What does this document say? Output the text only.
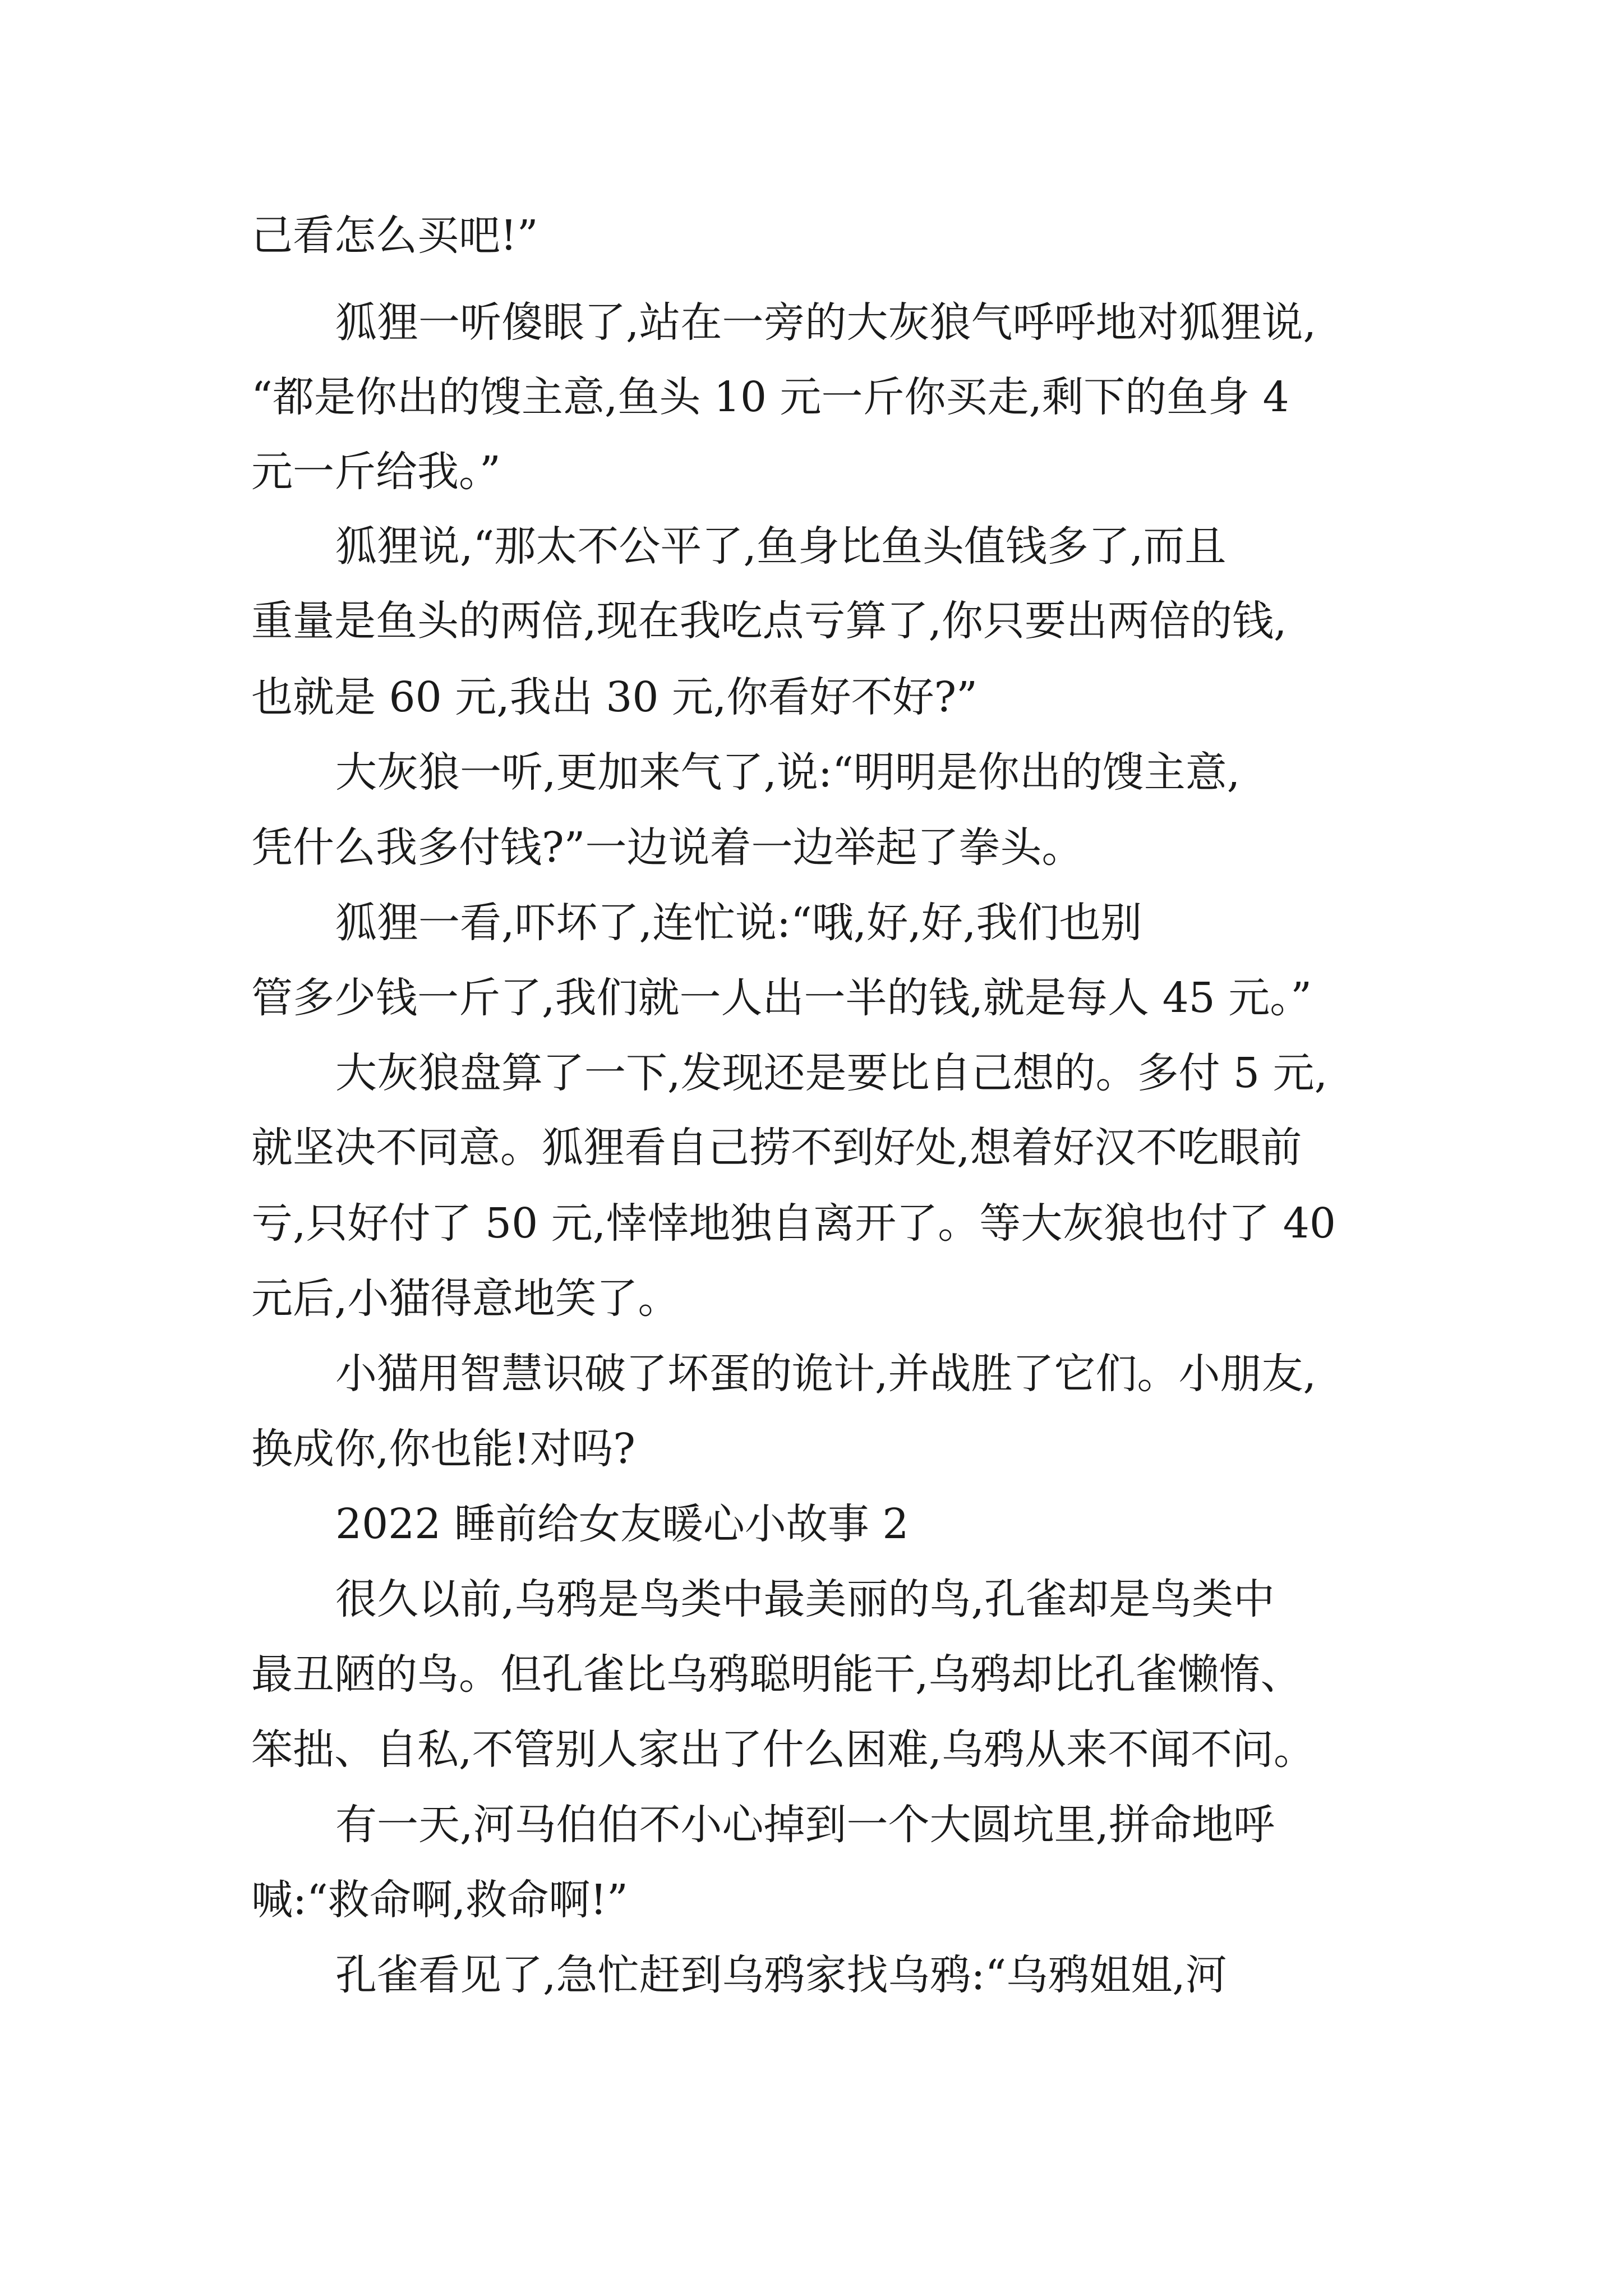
己看怎么买吧!”
狐狸一听傻眼了,站在一旁的大灰狼气呼呼地对狐狸说,
“都是你出的馊主意,鱼头 10 元一斤你买走,剩下的鱼身 4
元一斤给我。”
狐狸说,“那太不公平了,鱼身比鱼头值钱多了,而且
重量是鱼头的两倍,现在我吃点亏算了,你只要出两倍的钱,
也就是 60 元,我出 30 元,你看好不好?”
大灰狼一听,更加来气了,说:“明明是你出的馊主意,
凭什么我多付钱?”一边说着一边举起了拳头。
狐狸一看,吓坏了,连忙说:“哦,好,好,我们也别
管多少钱一斤了,我们就一人出一半的钱,就是每人 45 元。”
大灰狼盘算了一下,发现还是要比自己想的。多付 5 元,
就坚决不同意。狐狸看自己捞不到好处,想着好汉不吃眼前
亏,只好付了 50 元,悻悻地独自离开了。等大灰狼也付了 40
元后,小猫得意地笑了。
小猫用智慧识破了坏蛋的诡计,并战胜了它们。小朋友,
换成你,你也能!对吗?
2022 睡前给女友暖心小故事 2
很久以前,乌鸦是鸟类中最美丽的鸟,孔雀却是鸟类中
最丑陋的鸟。但孔雀比乌鸦聪明能干,乌鸦却比孔雀懒惰、
笨拙、自私,不管别人家出了什么困难,乌鸦从来不闻不问。
有一天,河马伯伯不小心掉到一个大圆坑里,拼命地呼
喊:“救命啊,救命啊!”
孔雀看见了,急忙赶到乌鸦家找乌鸦:“乌鸦姐姐,河
